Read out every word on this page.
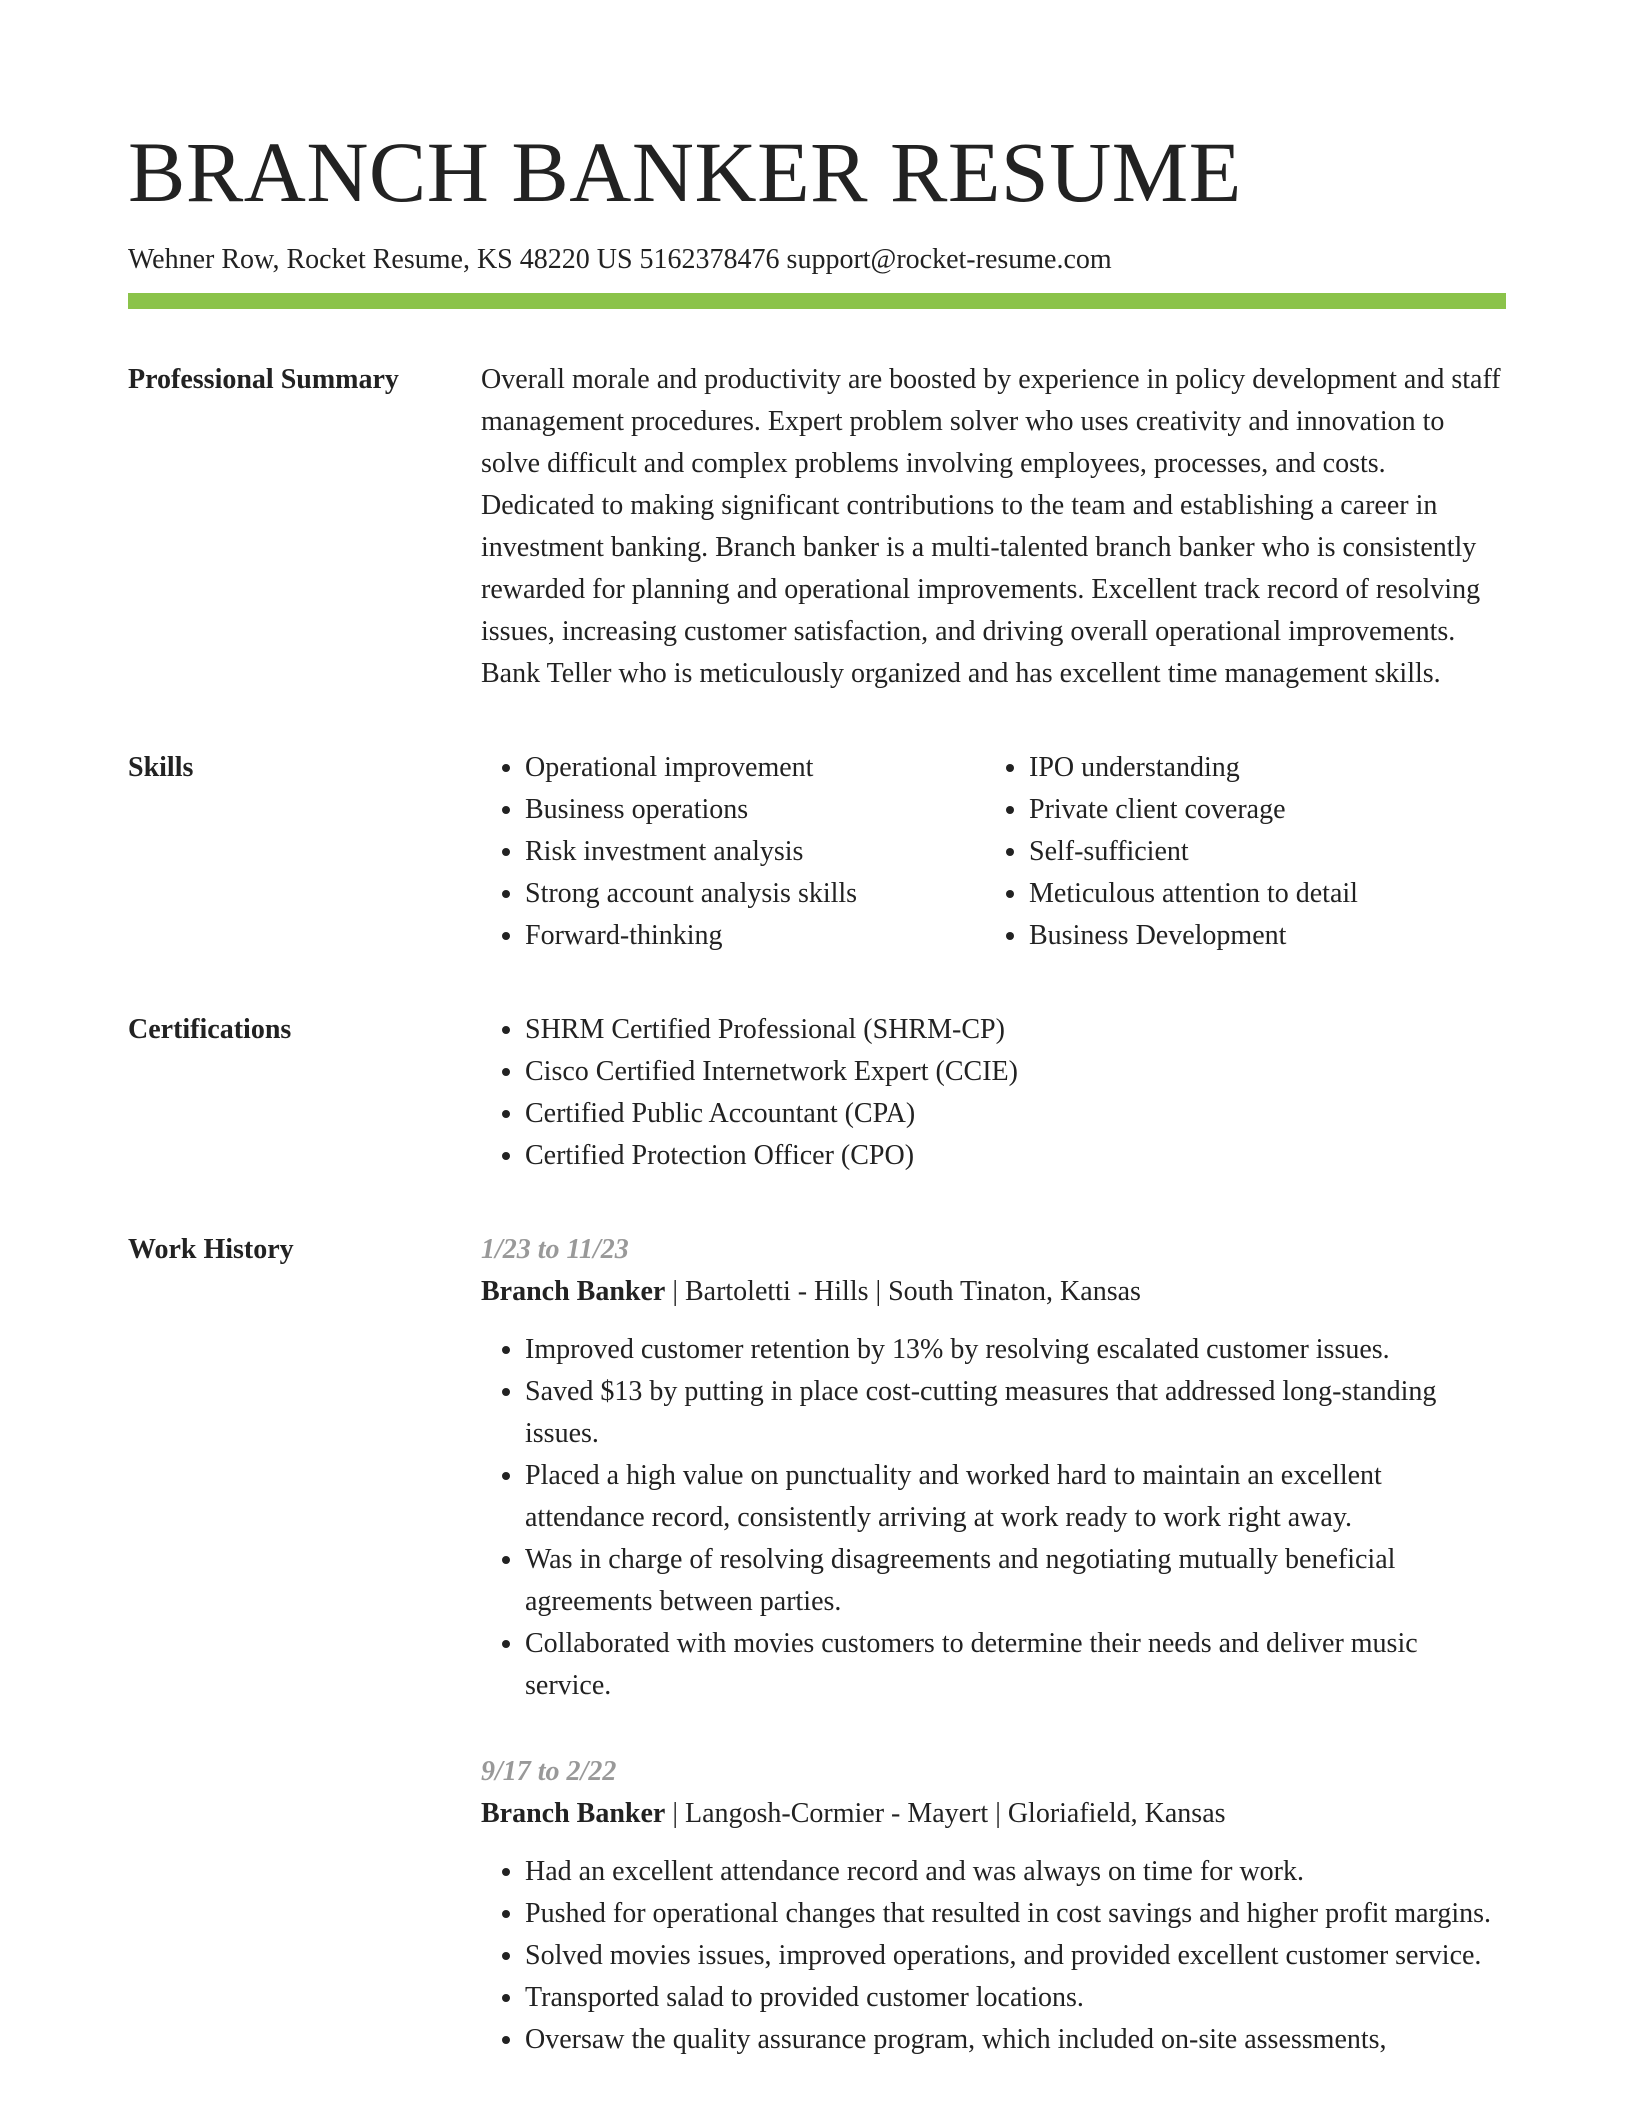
BRANCH BANKER RESUME
Wehner Row, Rocket Resume, KS 48220 US 5162378476 support@rocket-resume.com
Professional Summary	Overall morale and productivity are boosted by experience in policy development and staff management procedures. Expert problem solver who uses creativity and innovation to solve difficult and complex problems involving employees, processes, and costs. Dedicated to making significant contributions to the team and establishing a career in investment banking. Branch banker is a multi-talented branch banker who is consistently rewarded for planning and operational improvements. Excellent track record of resolving issues, increasing customer satisfaction, and driving overall operational improvements. Bank Teller who is meticulously organized and has excellent time management skills.

Skills	• Operational improvement
• Business operations
• Risk investment analysis
• Strong account analysis skills
• Forward-thinking
• IPO understanding
• Private client coverage
• Self-sufficient
• Meticulous attention to detail
• Business Development
Certifications	• SHRM Certified Professional (SHRM-CP)
• Cisco Certified Internetwork Expert (CCIE)
• Certified Public Accountant (CPA)
• Certified Protection Officer (CPO)
Work History	1/23 to 11/23
Branch Banker | Bartoletti - Hills | South Tinaton, Kansas
• Improved customer retention by 13% by resolving escalated customer issues.
• Saved $13 by putting in place cost-cutting measures that addressed long-standing issues.
• Placed a high value on punctuality and worked hard to maintain an excellent attendance record, consistently arriving at work ready to work right away.
• Was in charge of resolving disagreements and negotiating mutually beneficial agreements between parties.
• Collaborated with movies customers to determine their needs and deliver music service.
9/17 to 2/22
Branch Banker | Langosh-Cormier - Mayert | Gloriafield, Kansas
• Had an excellent attendance record and was always on time for work.
• Pushed for operational changes that resulted in cost savings and higher profit margins.
• Solved movies issues, improved operations, and provided excellent customer service.
• Transported salad to provided customer locations.
• Oversaw the quality assurance program, which included on-site assessments,
